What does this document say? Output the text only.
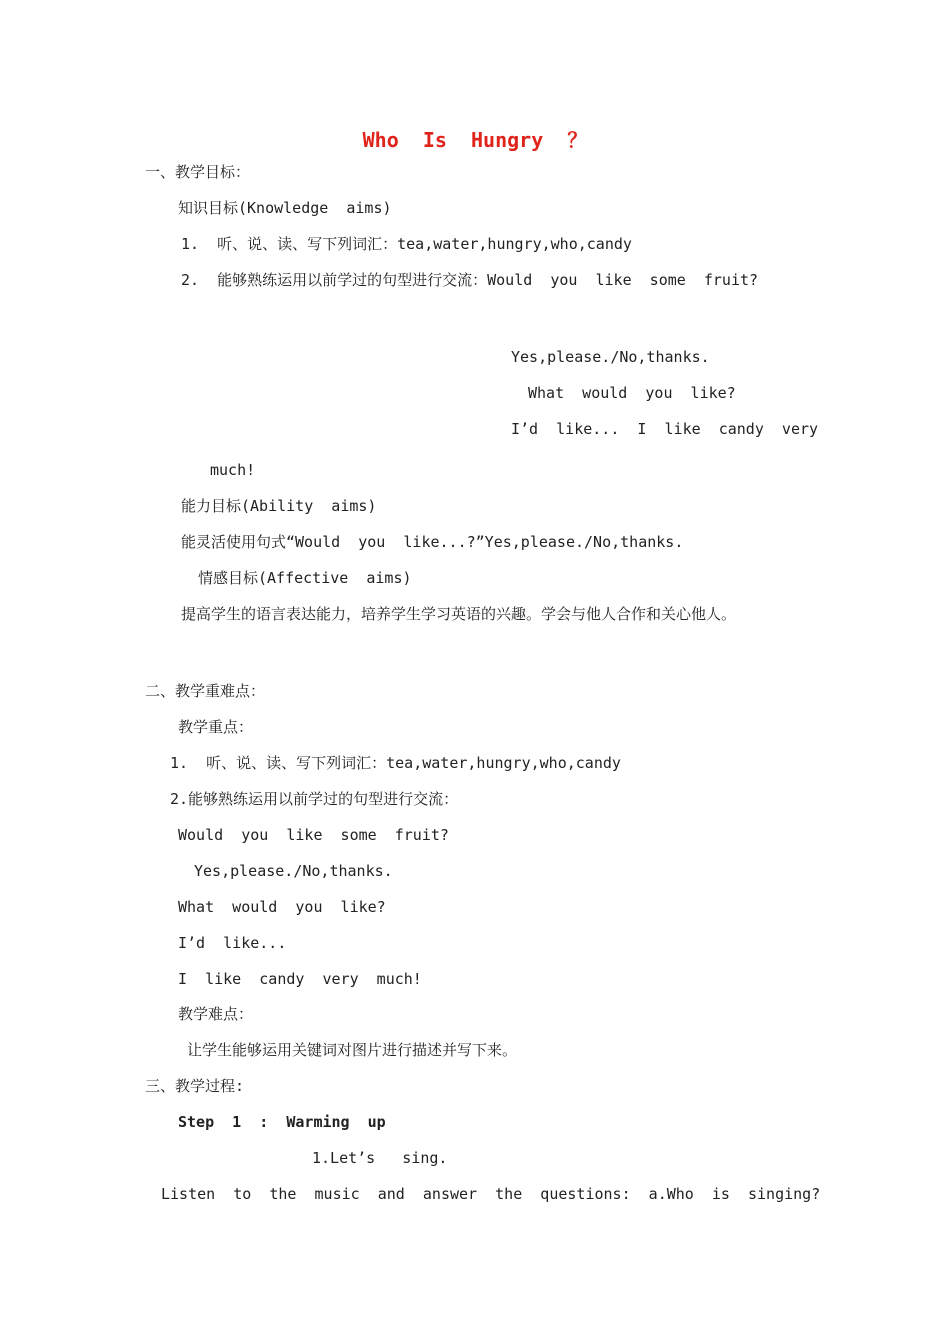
Who  Is  Hungry  ？
一、教学目标：
知识目标(Knowledge  aims)
1.  听、说、读、写下列词汇：tea,water,hungry,who,candy
2.  能够熟练运用以前学过的句型进行交流：Would  you  like  some  fruit?
Yes,please./No,thanks.
What  would  you  like?
I’d  like...  I  like  candy  very
much!
能力目标(Ability  aims)
能灵活使用句式“Would  you  like...?”Yes,please./No,thanks.
情感目标(Affective  aims)
提高学生的语言表达能力，培养学生学习英语的兴趣。学会与他人合作和关心他人。
二、教学重难点：
教学重点：
1.  听、说、读、写下列词汇：tea,water,hungry,who,candy
2.能够熟练运用以前学过的句型进行交流：
Would  you  like  some  fruit?
Yes,please./No,thanks.
What  would  you  like?
I’d  like...
I  like  candy  very  much!
教学难点：
让学生能够运用关键词对图片进行描述并写下来。
三、教学过程:
Step  1  :  Warming  up
1.Let’s   sing.
Listen  to  the  music  and  answer  the  questions:  a.Who  is  singing?
